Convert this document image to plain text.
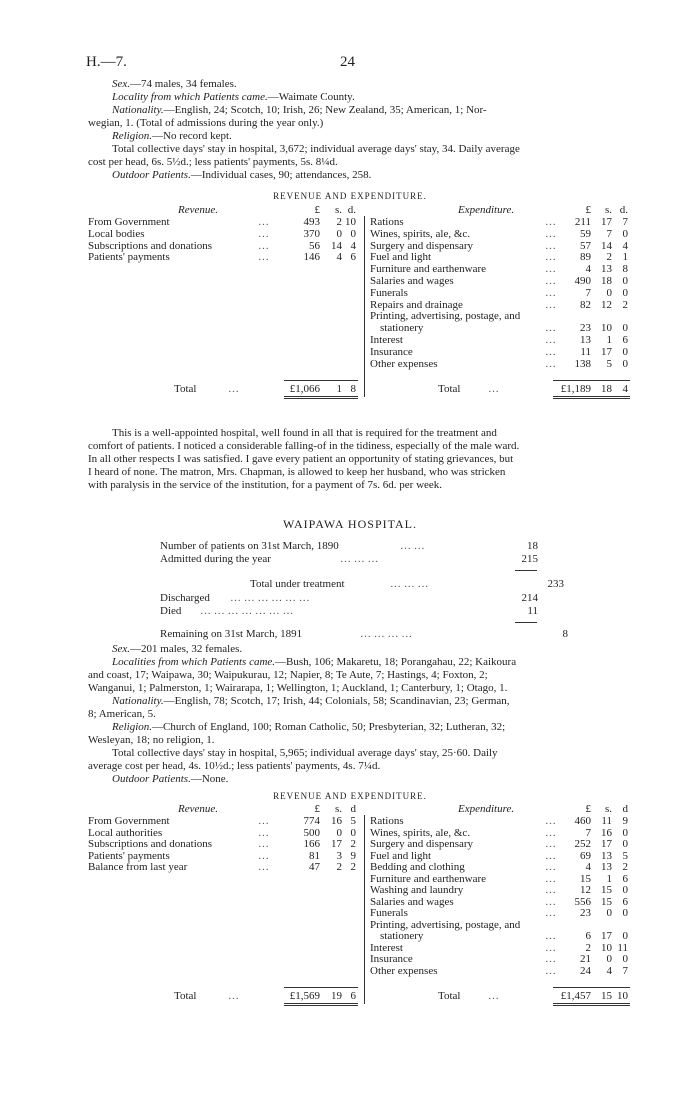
H.—7.	24
Sex.—74 males, 34 females.
Locality from which Patients came.—Waimate County.
Nationality.—English, 24; Scotch, 10; Irish, 26; New Zealand, 35; American, 1; Nor-
wegian, 1. (Total of admissions during the year only.)
Religion.—No record kept.
Total collective days' stay in hospital, 3,672; individual average days' stay, 34. Daily average
cost per head, 6s. 5½d.; less patients' payments, 5s. 8¼d.
Outdoor Patients.—Individual cases, 90; attendances, 258.
REVENUE AND EXPENDITURE.
Revenue.	Expenditure.
£	s. d.	£	s. d.
From Government	…	493	2 10
Local bodies	…	370	0 0
Subscriptions and donations	…	56	14 4
Patients' payments	…	146	4 6
Rations	…	211 17 7
Wines, spirits, ale, &c.	…	59	7 0
Surgery and dispensary	…	57 14 4
Fuel and light	…	89	2 1
Furniture and earthenware	…	4 13 8
Salaries and wages	…	490 18 0
Funerals	…	7	0 0
Repairs and drainage	…	82 12 2
Printing, advertising, postage, and
stationery	…	23 10 0
Interest	…	13	1 6
Insurance	…	11 17 0
Other expenses	…	138	5 0
Total	…	£1,066	1 8	Total	…	£1,189 18 4
This is a well-appointed hospital, well found in all that is required for the treatment and
comfort of patients. I noticed a considerable falling-of in the tidiness, especially of the male ward.
In all other respects I was satisfied. I gave every patient an opportunity of stating grievances, but
I heard of none. The matron, Mrs. Chapman, is allowed to keep her husband, who was stricken
with paralysis in the service of the institution, for a payment of 7s. 6d. per week.
WAIPAWA HOSPITAL.
Number of patients on 31st March, 1890	… …	18
Admitted during the year	… … …	215
Total under treatment	… … …	233
Discharged … … … … … …	214
Died … … … … … … …	11
Remaining on 31st March, 1891	… … … …	8
Sex.—201 males, 32 females.
Localities from which Patients came.—Bush, 106; Makaretu, 18; Porangahau, 22; Kaikoura
and coast, 17; Waipawa, 30; Waipukurau, 12; Napier, 8; Te Aute, 7; Hastings, 4; Foxton, 2;
Wanganui, 1; Palmerston, 1; Wairarapa, 1; Wellington, 1; Auckland, 1; Canterbury, 1; Otago, 1.
Nationality.—English, 78; Scotch, 17; Irish, 44; Colonials, 58; Scandinavian, 23; German,
8; American, 5.
Religion.—Church of England, 100; Roman Catholic, 50; Presbyterian, 32; Lutheran, 32;
Wesleyan, 18; no religion, 1.
Total collective days' stay in hospital, 5,965; individual average days' stay, 25·60. Daily
average cost per head, 4s. 10½d.; less patients' payments, 4s. 7¼d.
Outdoor Patients.—None.
REVENUE AND EXPENDITURE.
Revenue.	Expenditure.
£	s. d	£	s. d
From Government	…	774	16 5
Local authorities	…	500	0 0
Subscriptions and donations	…	166	17 2
Patients' payments	…	81	3 9
Balance from last year	…	47	2 2
Rations	…	460 11 9
Wines, spirits, ale, &c.	…	7 16 0
Surgery and dispensary	…	252 17 0
Fuel and light	…	69 13 5
Bedding and clothing	…	4 13 2
Furniture and earthenware	…	15	1 6
Washing and laundry	…	12 15 0
Salaries and wages	…	556 15 6
Funerals	…	23	0 0
Printing, advertising, postage, and
stationery	…	6 17 0
Interest	…	2 10 11
Insurance	…	21	0 0
Other expenses	…	24	4 7
Total	…	£1,569	19 6	Total	…	£1,457 15 10
